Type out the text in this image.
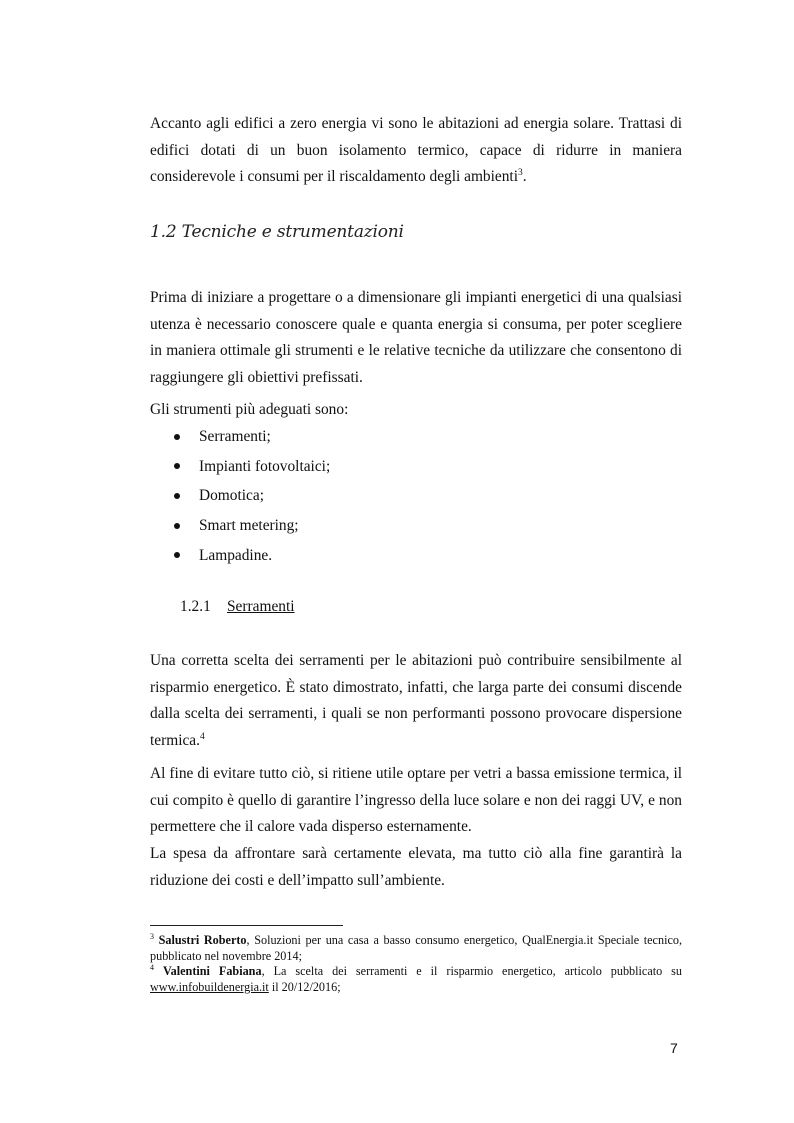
Accanto agli edifici a zero energia vi sono le abitazioni ad energia solare. Trattasi di edifici dotati di un buon isolamento termico, capace di ridurre in maniera considerevole i consumi per il riscaldamento degli ambienti$^3$.

1.2 Tecniche e strumentazioni

Prima di iniziare a progettare o a dimensionare gli impianti energetici di una qualsiasi utenza è necessario conoscere quale e quanta energia si consuma, per poter scegliere in maniera ottimale gli strumenti e le relative tecniche da utilizzare che consentono di raggiungere gli obiettivi prefissati.

Gli strumenti più adeguati sono:

Serramenti;
Impianti fotovoltaici;
Domotica;
Smart metering;
Lampadine.

1.2.1 Serramenti

Una corretta scelta dei serramenti per le abitazioni può contribuire sensibilmente al risparmio energetico. È stato dimostrato, infatti, che larga parte dei consumi discende dalla scelta dei serramenti, i quali se non performanti possono provocare dispersione termica.$^4$

Al fine di evitare tutto ciò, si ritiene utile optare per vetri a bassa emissione termica, il cui compito è quello di garantire l’ingresso della luce solare e non dei raggi UV, e non permettere che il calore vada disperso esternamente.

La spesa da affrontare sarà certamente elevata, ma tutto ciò alla fine garantirà la riduzione dei costi e dell’impatto sull’ambiente.

$^3$ Salustri Roberto, Soluzioni per una casa a basso consumo energetico, QualEnergia.it Speciale tecnico, pubblicato nel novembre 2014;

$^4$ Valentini Fabiana, La scelta dei serramenti e il risparmio energetico, articolo pubblicato su www.infobuildenergia.it il 20/12/2016;

7
